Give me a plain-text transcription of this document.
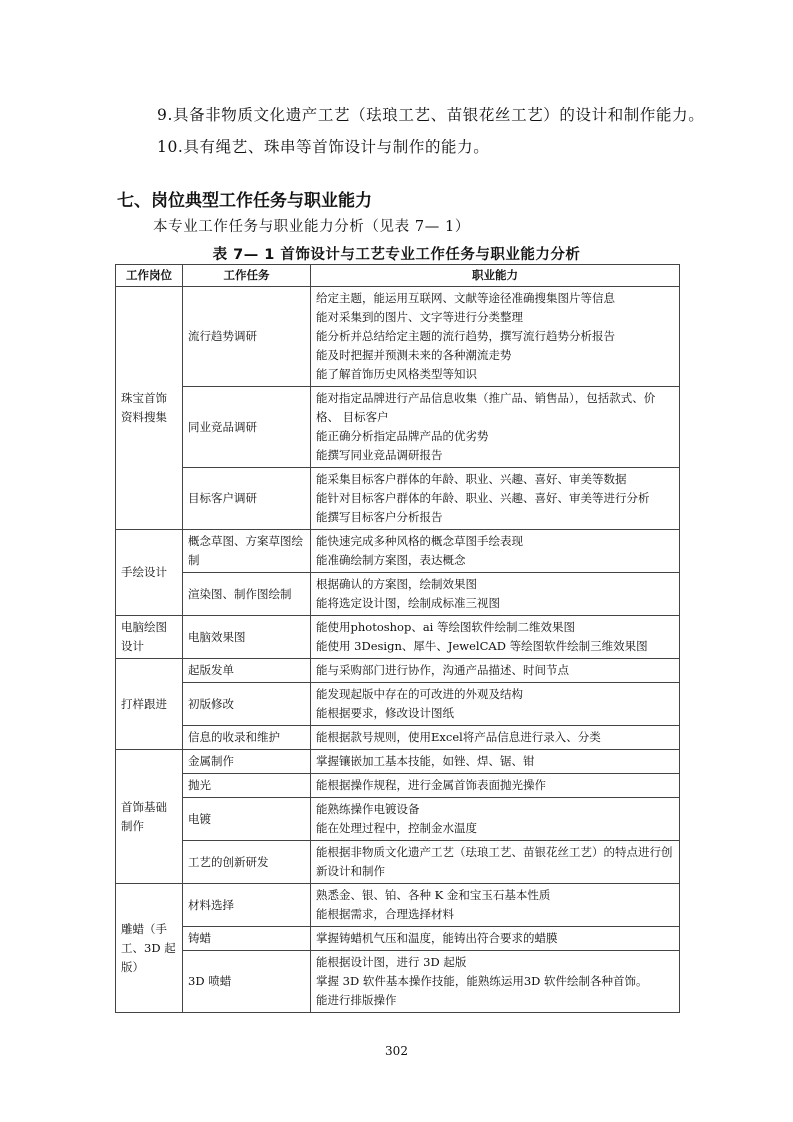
9.具备非物质文化遗产工艺（珐琅工艺、苗银花丝工艺）的设计和制作能力。
10.具有绳艺、珠串等首饰设计与制作的能力。
七、岗位典型工作任务与职业能力
本专业工作任务与职业能力分析（见表 7— 1）
表 7— 1 首饰设计与工艺专业工作任务与职业能力分析
工作岗位	工作任务	职业能力
珠宝首饰资料搜集	流行趋势调研	给定主题，能运用互联网、文献等途径准确搜集图片等信息
能对采集到的图片、文字等进行分类整理
能分析并总结给定主题的流行趋势，撰写流行趋势分析报告
能及时把握并预测未来的各种潮流走势
能了解首饰历史风格类型等知识

	同业竞品调研	能对指定品牌进行产品信息收集（推广品、销售品），包括款式、价格、 目标客户
能正确分析指定品牌产品的优劣势
能撰写同业竞品调研报告

	目标客户调研	能采集目标客户群体的年龄、职业、兴趣、喜好、审美等数据
能针对目标客户群体的年龄、职业、兴趣、喜好、审美等进行分析
能撰写目标客户分析报告

手绘设计	概念草图、方案草图绘制	能快速完成多种风格的概念草图手绘表现
能准确绘制方案图，表达概念

	渲染图、制作图绘制	根据确认的方案图，绘制效果图
能将选定设计图，绘制成标准三视图

电脑绘图设计	电脑效果图	能使用photoshop、ai 等绘图软件绘制二维效果图
能使用 3Design、犀牛、JewelCAD 等绘图软件绘制三维效果图

打样跟进	起版发单	能与采购部门进行协作，沟通产品描述、时间节点

	初版修改	能发现起版中存在的可改进的外观及结构
能根据要求，修改设计图纸

	信息的收录和维护	能根据款号规则，使用Excel将产品信息进行录入、分类

首饰基础制作	金属制作	掌握镶嵌加工基本技能，如锉、焊、锯、钳

	抛光	能根据操作规程，进行金属首饰表面抛光操作

	电镀	能熟练操作电镀设备
能在处理过程中，控制金水温度

	工艺的创新研发	能根据非物质文化遗产工艺（珐琅工艺、苗银花丝工艺）的特点进行创新设计和制作

雕蜡（手工、3D 起版）	材料选择	熟悉金、银、铂、各种 K 金和宝玉石基本性质
能根据需求，合理选择材料

	铸蜡	掌握铸蜡机气压和温度，能铸出符合要求的蜡膜

	3D 喷蜡	能根据设计图，进行 3D 起版
掌握 3D 软件基本操作技能，能熟练运用3D 软件绘制各种首饰。
能进行排版操作
302
